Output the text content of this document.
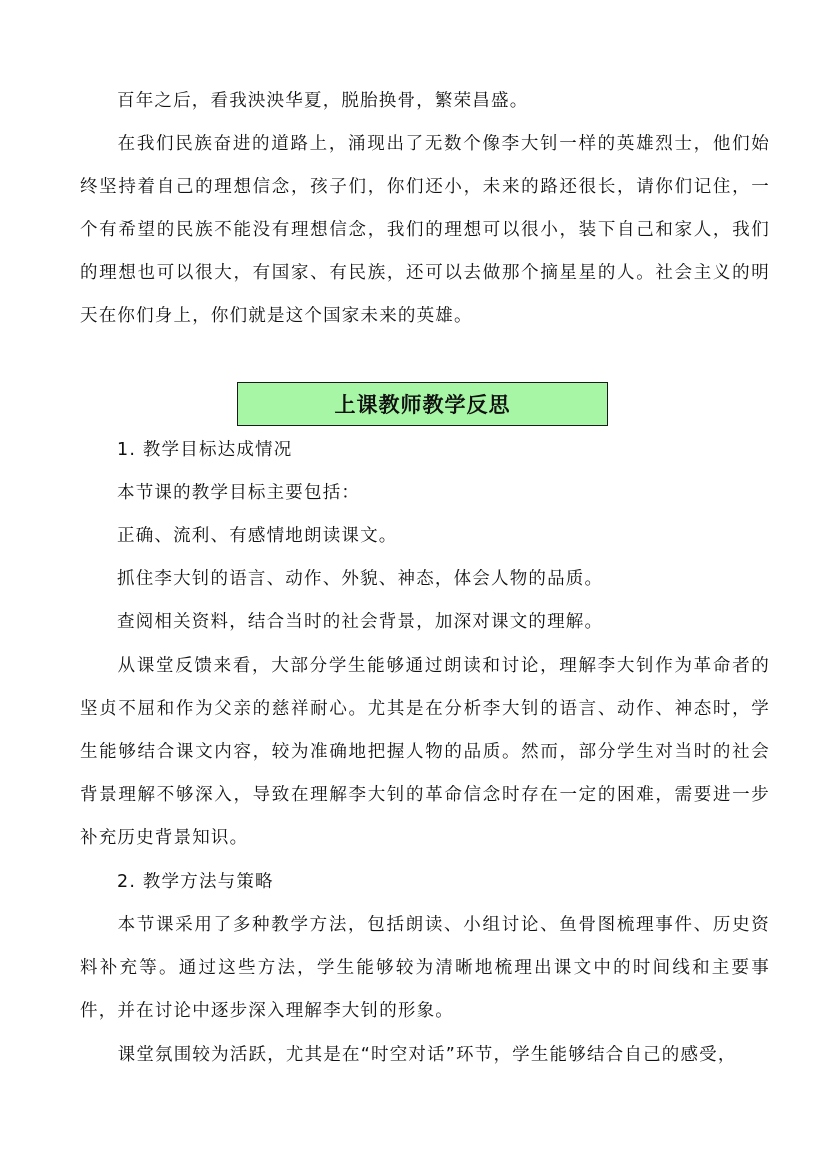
百年之后，看我泱泱华夏，脱胎换骨，繁荣昌盛。
在我们民族奋进的道路上，涌现出了无数个像李大钊一样的英雄烈士，他们始终坚持着自己的理想信念，孩子们，你们还小，未来的路还很长，请你们记住，一个有希望的民族不能没有理想信念，我们的理想可以很小，装下自己和家人，我们的理想也可以很大，有国家、有民族，还可以去做那个摘星星的人。社会主义的明天在你们身上，你们就是这个国家未来的英雄。
上课教师教学反思
1. 教学目标达成情况
本节课的教学目标主要包括：
正确、流利、有感情地朗读课文。
抓住李大钊的语言、动作、外貌、神态，体会人物的品质。
查阅相关资料，结合当时的社会背景，加深对课文的理解。
从课堂反馈来看，大部分学生能够通过朗读和讨论，理解李大钊作为革命者的坚贞不屈和作为父亲的慈祥耐心。尤其是在分析李大钊的语言、动作、神态时，学生能够结合课文内容，较为准确地把握人物的品质。然而，部分学生对当时的社会背景理解不够深入，导致在理解李大钊的革命信念时存在一定的困难，需要进一步补充历史背景知识。
2. 教学方法与策略
本节课采用了多种教学方法，包括朗读、小组讨论、鱼骨图梳理事件、历史资料补充等。通过这些方法，学生能够较为清晰地梳理出课文中的时间线和主要事件，并在讨论中逐步深入理解李大钊的形象。
课堂氛围较为活跃，尤其是在“时空对话”环节，学生能够结合自己的感受，
